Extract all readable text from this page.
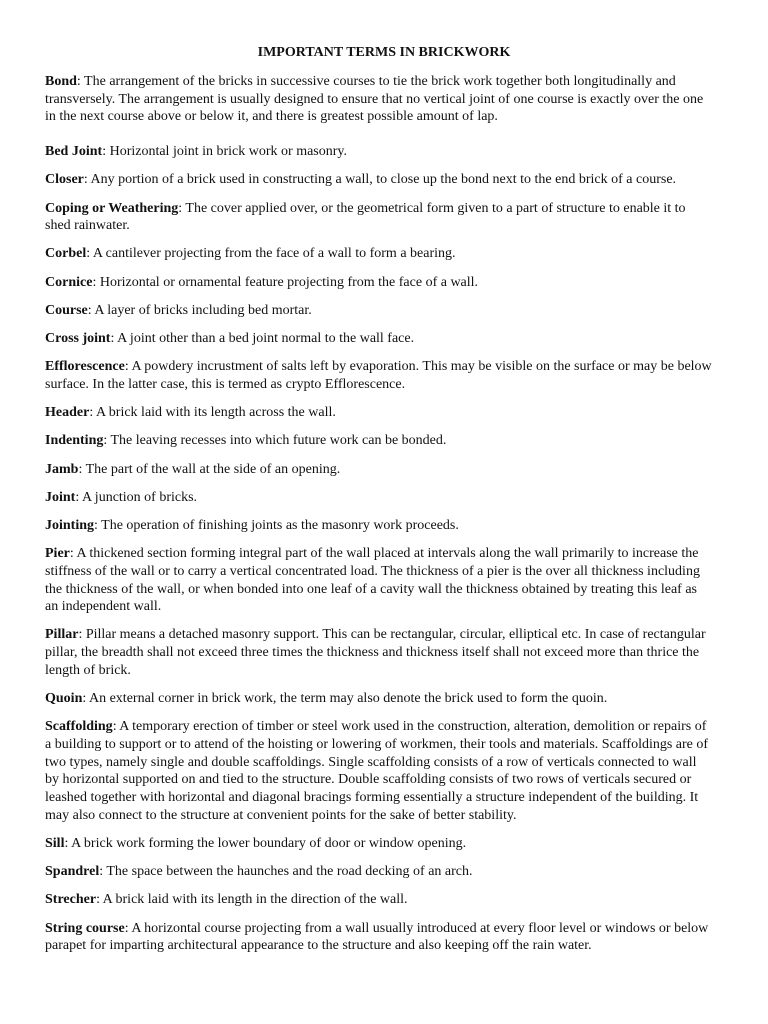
IMPORTANT TERMS IN BRICKWORK

Bond: The arrangement of the bricks in successive courses to tie the brick work together both longitudinally and transversely. The arrangement is usually designed to ensure that no vertical joint of one course is exactly over the one in the next course above or below it, and there is greatest possible amount of lap.

Bed Joint: Horizontal joint in brick work or masonry.

Closer: Any portion of a brick used in constructing a wall, to close up the bond next to the end brick of a course.

Coping or Weathering: The cover applied over, or the geometrical form given to a part of structure to enable it to shed rainwater.

Corbel: A cantilever projecting from the face of a wall to form a bearing.

Cornice: Horizontal or ornamental feature projecting from the face of a wall.

Course: A layer of bricks including bed mortar.

Cross joint: A joint other than a bed joint normal to the wall face.

Efflorescence: A powdery incrustment of salts left by evaporation. This may be visible on the surface or may be below surface. In the latter case, this is termed as crypto Efflorescence.

Header: A brick laid with its length across the wall.

Indenting: The leaving recesses into which future work can be bonded.

Jamb: The part of the wall at the side of an opening.

Joint: A junction of bricks.

Jointing: The operation of finishing joints as the masonry work proceeds.

Pier: A thickened section forming integral part of the wall placed at intervals along the wall primarily to increase the stiffness of the wall or to carry a vertical concentrated load. The thickness of a pier is the over all thickness including the thickness of the wall, or when bonded into one leaf of a cavity wall the thickness obtained by treating this leaf as an independent wall.

Pillar: Pillar means a detached masonry support. This can be rectangular, circular, elliptical etc. In case of rectangular pillar, the breadth shall not exceed three times the thickness and thickness itself shall not exceed more than thrice the length of brick.

Quoin: An external corner in brick work, the term may also denote the brick used to form the quoin.

Scaffolding: A temporary erection of timber or steel work used in the construction, alteration, demolition or repairs of a building to support or to attend of the hoisting or lowering of workmen, their tools and materials. Scaffoldings are of two types, namely single and double scaffoldings. Single scaffolding consists of a row of verticals connected to wall by horizontal supported on and tied to the structure. Double scaffolding consists of two rows of verticals secured or leashed together with horizontal and diagonal bracings forming essentially a structure independent of the building. It may also connect to the structure at convenient points for the sake of better stability.

Sill: A brick work forming the lower boundary of door or window opening.

Spandrel: The space between the haunches and the road decking of an arch.

Strecher: A brick laid with its length in the direction of the wall.

String course: A horizontal course projecting from a wall usually introduced at every floor level or windows or below parapet for imparting architectural appearance to the structure and also keeping off the rain water.
